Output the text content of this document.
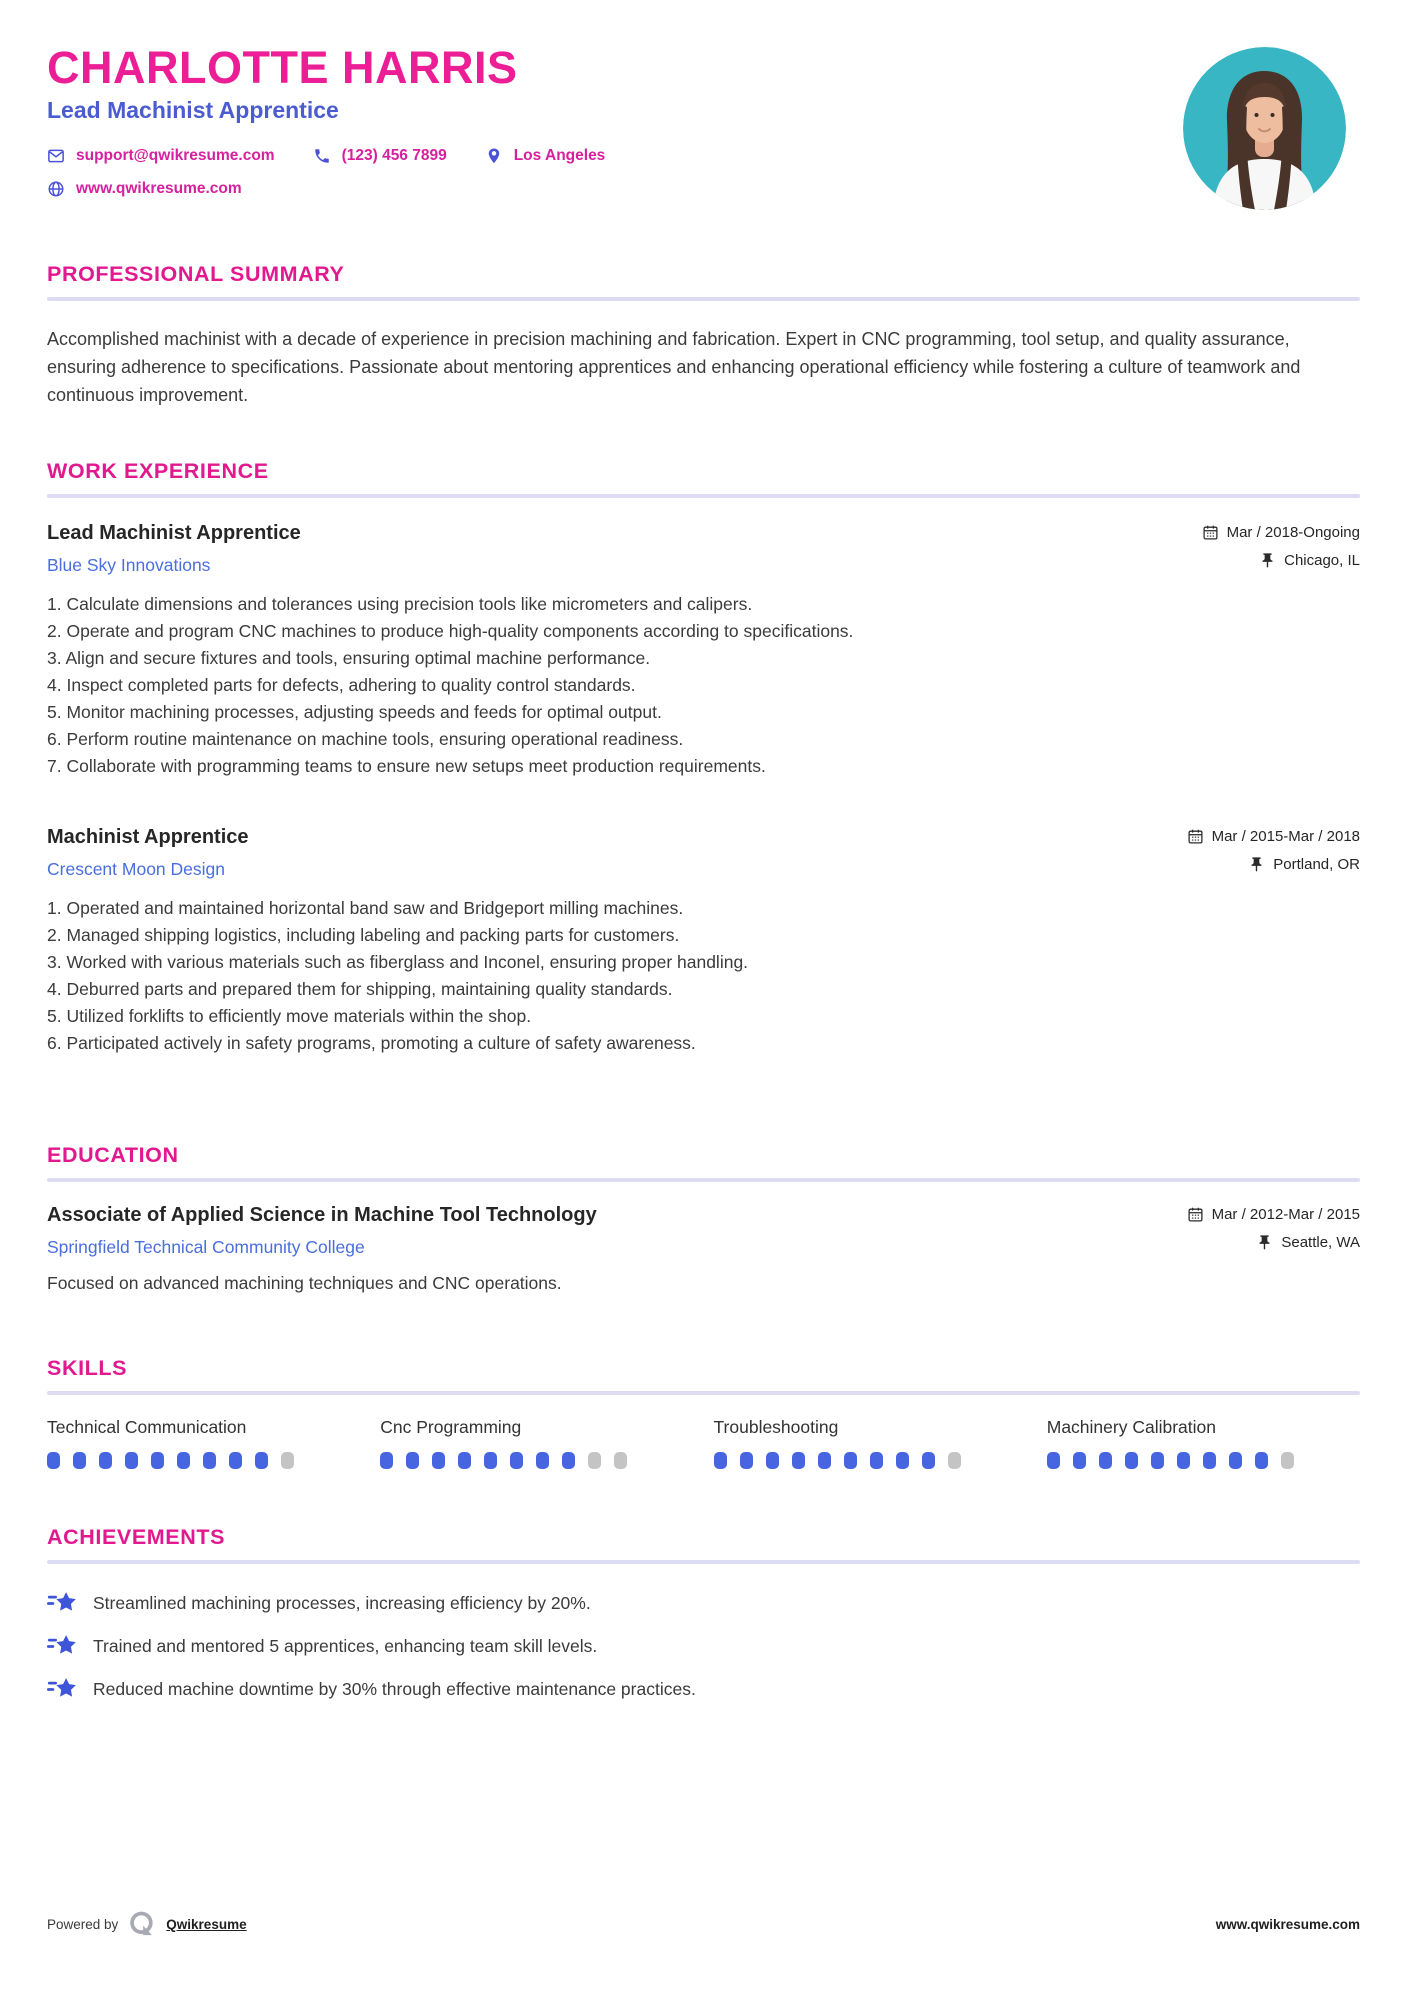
CHARLOTTE HARRIS
Lead Machinist Apprentice
support@qwikresume.com	(123) 456 7899	Los Angeles
www.qwikresume.com
PROFESSIONAL SUMMARY

Accomplished machinist with a decade of experience in precision machining and fabrication. Expert in CNC programming, tool setup, and quality assurance, ensuring adherence to specifications. Passionate about mentoring apprentices and enhancing operational efficiency while fostering a culture of teamwork and continuous improvement.

WORK EXPERIENCE
Lead Machinist Apprentice
Blue Sky Innovations
Mar / 2018-Ongoing
Chicago, IL
Calculate dimensions and tolerances using precision tools like micrometers and calipers.
Operate and program CNC machines to produce high-quality components according to specifications.
Align and secure fixtures and tools, ensuring optimal machine performance.
Inspect completed parts for defects, adhering to quality control standards.
Monitor machining processes, adjusting speeds and feeds for optimal output.
Perform routine maintenance on machine tools, ensuring operational readiness.
Collaborate with programming teams to ensure new setups meet production requirements.
Machinist Apprentice
Crescent Moon Design
Mar / 2015-Mar / 2018
Portland, OR
Operated and maintained horizontal band saw and Bridgeport milling machines.
Managed shipping logistics, including labeling and packing parts for customers.
Worked with various materials such as fiberglass and Inconel, ensuring proper handling.
Deburred parts and prepared them for shipping, maintaining quality standards.
Utilized forklifts to efficiently move materials within the shop.
Participated actively in safety programs, promoting a culture of safety awareness.
EDUCATION
Associate of Applied Science in Machine Tool Technology
Springfield Technical Community College
Mar / 2012-Mar / 2015
Seattle, WA

Focused on advanced machining techniques and CNC operations.

SKILLS
Technical Communication	Cnc Programming	Troubleshooting	Machinery Calibration
ACHIEVEMENTS
Streamlined machining processes, increasing efficiency by 20%.
Trained and mentored 5 apprentices, enhancing team skill levels.
Reduced machine downtime by 30% through effective maintenance practices.
Powered by	Qwikresume	www.qwikresume.com
